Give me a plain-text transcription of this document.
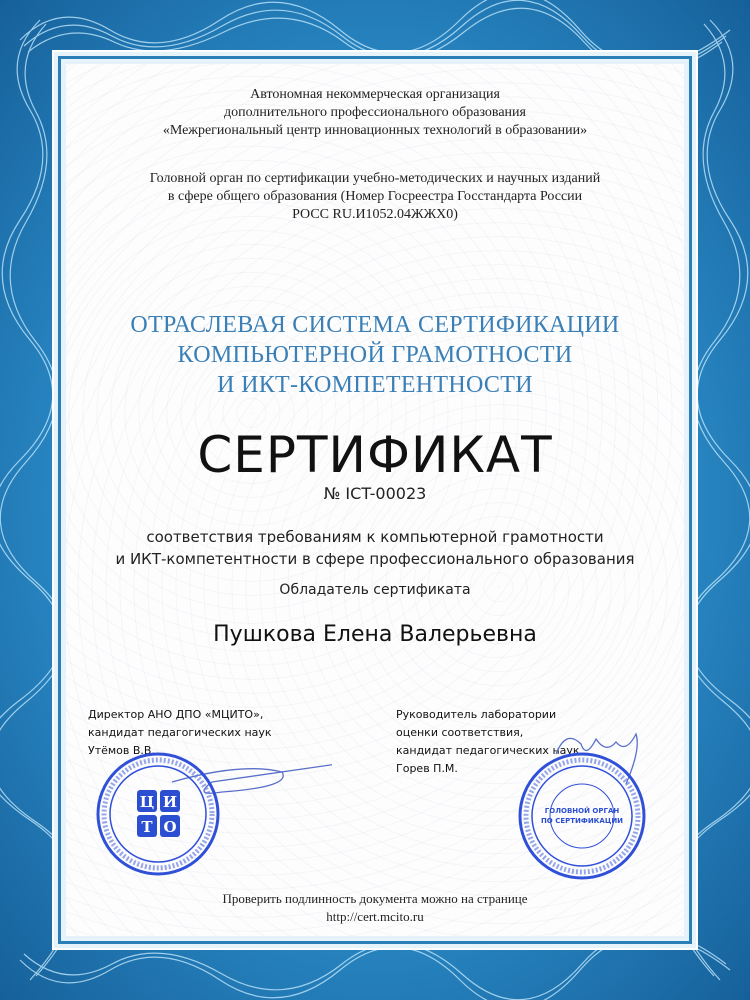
Автономная некоммерческая организация
дополнительного профессионального образования
«Межрегиональный центр инновационных технологий в образовании»
Головной орган по сертификации учебно-методических и научных изданий
в сфере общего образования (Номер Госреестра Госстандарта России
РОСС RU.И1052.04ЖЖХ0)
ОТРАСЛЕВАЯ СИСТЕМА СЕРТИФИКАЦИИ
КОМПЬЮТЕРНОЙ ГРАМОТНОСТИ
И ИКТ-КОМПЕТЕНТНОСТИ
СЕРТИФИКАТ
№ ICT-00023
соответствия требованиям к компьютерной грамотности
и ИКТ-компетентности в сфере профессионального образования
Обладатель сертификата
Пушкова Елена Валерьевна
Директор АНО ДПО «МЦИТО»,
кандидат педагогических наук
Утёмов В.В.
Руководитель лаборатории
оценки соответствия,
кандидат педагогических наук
Горев П.М.
Ц И
Т О
ГОЛОВНОЙ ОРГАН
ПО СЕРТИФИКАЦИИ
Проверить подлинность документа можно на странице
http://cert.mcito.ru
